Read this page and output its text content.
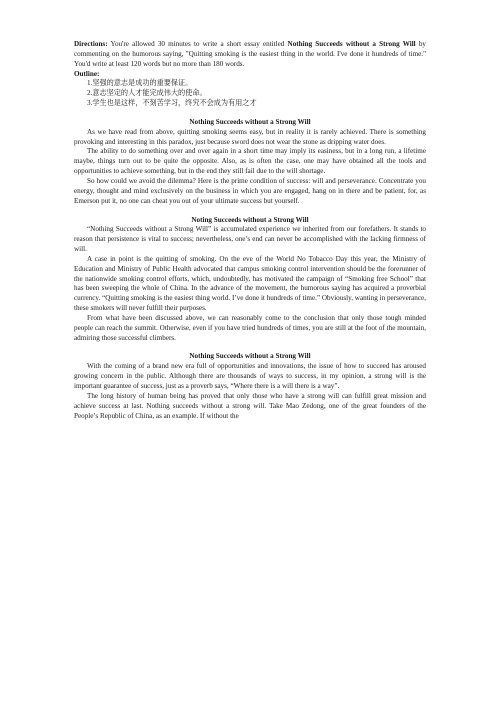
Directions: You're allowed 30 minutes to write a short essay entitled Nothing Succeeds without a Strong Will by commenting on the humorous saying, "Quitting smoking is the easiest thing in the world. I've done it hundreds of time." You'd write at least 120 words but no more than 180 words.

Outline:

1.坚强的意志是成功的重要保证。

2.意志坚定的人才能完成伟大的使命。

3.学生也是这样，不刻苦学习，终究不会成为有用之才

Nothing Succeeds without a Strong Will

As we have read from above, quitting smoking seems easy, but in reality it is rarely achieved. There is something provoking and interesting in this paradox, just because sword does not wear the stone as dripping water does.

The ability to do something over and over again in a short time may imply its easiness, but in a long run, a lifetime maybe, things turn out to be quite the opposite. Also, as is often the case, one may have obtained all the tools and opportunities to achieve something, but in the end they still fail due to the will shortage.

So how could we avoid the dilemma? Here is the prime condition of success: will and perseverance. Concentrate you energy, thought and mind exclusively on the business in which you are engaged, hang on in there and be patient, for, as Emerson put it, no one can cheat you out of your ultimate success but yourself.

Noting Succeeds without a Strong Will

“Nothing Succeeds without a Strong Will” is accumulated experience we inherited from our forefathers. It stands to reason that persistence is vital to success; nevertheless, one’s end can never be accomplished with the lacking firmness of will.

A case in point is the quitting of smoking. On the eve of the World No Tobacco Day this year, the Ministry of Education and Ministry of Public Health advocated that campus smoking control intervention should be the forerunner of the nationwide smoking control efforts, which, undoubtedly, has motivated the campaign of “Smoking free School” that has been sweeping the whole of China. In the advance of the movement, the humorous saying has acquired a proverbial currency. “Quitting smoking is the easiest thing world. I’ve done it hundreds of time.” Obviously, wanting in perseverance, these smokers will never fulfill their purposes.

From what have been discussed above, we can reasonably come to the conclusion that only those tough minded people can reach the summit. Otherwise, even if you have tried hundreds of times, you are still at the foot of the mountain, admiring those successful climbers.

Nothing Succeeds without a Strong Will

With the coming of a brand new era full of opportunities and innovations, the issue of how to succeed has aroused growing concern in the public. Although there are thousands of ways to success, in my opinion, a strong will is the important guarantee of success, just as a proverb says, “Where there is a will there is a way”.

The long history of human being has proved that only those who have a strong will can fulfill great mission and achieve success at last. Nothing succeeds without a strong will. Take Mao Zedong, one of the great founders of the People’s Republic of China, as an example. If without the
